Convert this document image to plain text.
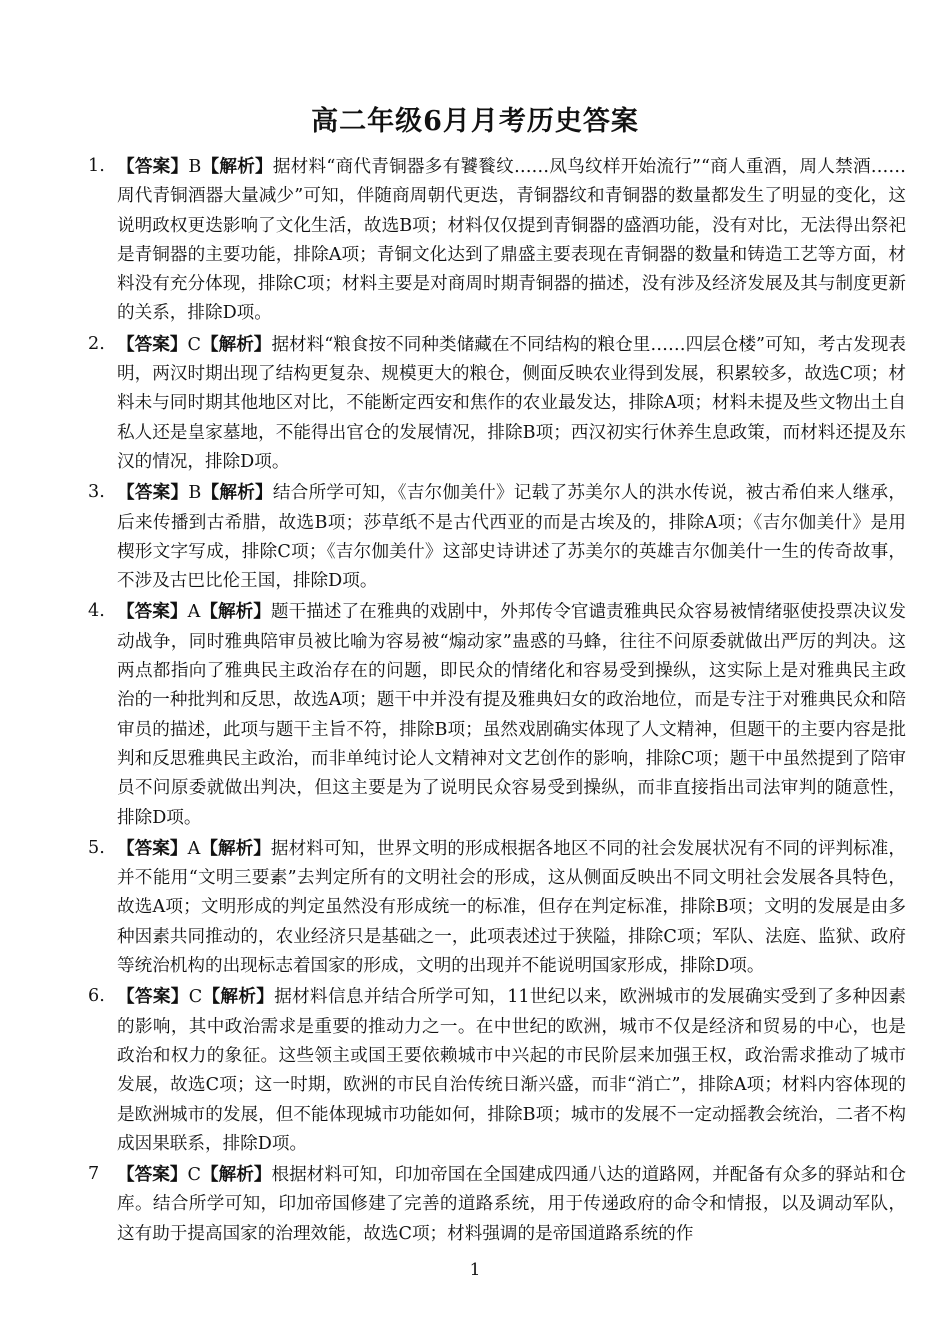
高二年级6月月考历史答案
1. 【答案】B【解析】据材料“商代青铜器多有饕餮纹……凤鸟纹样开始流行”“商人重酒，周人禁酒……周代青铜酒器大量减少”可知，伴随商周朝代更迭，青铜器纹和青铜器的数量都发生了明显的变化，这说明政权更迭影响了文化生活，故选B项；材料仅仅提到青铜器的盛酒功能，没有对比，无法得出祭祀是青铜器的主要功能，排除A项；青铜文化达到了鼎盛主要表现在青铜器的数量和铸造工艺等方面，材料没有充分体现，排除C项；材料主要是对商周时期青铜器的描述，没有涉及经济发展及其与制度更新的关系，排除D项。
2. 【答案】C【解析】据材料“粮食按不同种类储藏在不同结构的粮仓里……四层仓楼”可知，考古发现表明，两汉时期出现了结构更复杂、规模更大的粮仓，侧面反映农业得到发展，积累较多，故选C项；材料未与同时期其他地区对比，不能断定西安和焦作的农业最发达，排除A项；材料未提及些文物出土自私人还是皇家墓地，不能得出官仓的发展情况，排除B项；西汉初实行休养生息政策，而材料还提及东汉的情况，排除D项。
3. 【答案】B【解析】结合所学可知，《吉尔伽美什》记载了苏美尔人的洪水传说，被古希伯来人继承，后来传播到古希腊，故选B项；莎草纸不是古代西亚的而是古埃及的，排除A项；《吉尔伽美什》是用楔形文字写成，排除C项；《吉尔伽美什》这部史诗讲述了苏美尔的英雄吉尔伽美什一生的传奇故事，不涉及古巴比伦王国，排除D项。
4. 【答案】A【解析】题干描述了在雅典的戏剧中，外邦传令官谴责雅典民众容易被情绪驱使投票决议发动战争，同时雅典陪审员被比喻为容易被“煽动家”蛊惑的马蜂，往往不问原委就做出严厉的判决。这两点都指向了雅典民主政治存在的问题，即民众的情绪化和容易受到操纵，这实际上是对雅典民主政治的一种批判和反思，故选A项；题干中并没有提及雅典妇女的政治地位，而是专注于对雅典民众和陪审员的描述，此项与题干主旨不符，排除B项；虽然戏剧确实体现了人文精神，但题干的主要内容是批判和反思雅典民主政治，而非单纯讨论人文精神对文艺创作的影响，排除C项；题干中虽然提到了陪审员不问原委就做出判决，但这主要是为了说明民众容易受到操纵，而非直接指出司法审判的随意性，排除D项。
5. 【答案】A【解析】据材料可知，世界文明的形成根据各地区不同的社会发展状况有不同的评判标准，并不能用“文明三要素”去判定所有的文明社会的形成，这从侧面反映出不同文明社会发展各具特色，故选A项；文明形成的判定虽然没有形成统一的标准，但存在判定标准，排除B项；文明的发展是由多种因素共同推动的，农业经济只是基础之一，此项表述过于狭隘，排除C项；军队、法庭、监狱、政府等统治机构的出现标志着国家的形成，文明的出现并不能说明国家形成，排除D项。
6. 【答案】C【解析】据材料信息并结合所学可知，11世纪以来，欧洲城市的发展确实受到了多种因素的影响，其中政治需求是重要的推动力之一。在中世纪的欧洲，城市不仅是经济和贸易的中心，也是政治和权力的象征。这些领主或国王要依赖城市中兴起的市民阶层来加强王权，政治需求推动了城市发展，故选C项；这一时期，欧洲的市民自治传统日渐兴盛，而非“消亡”，排除A项；材料内容体现的是欧洲城市的发展，但不能体现城市功能如何，排除B项；城市的发展不一定动摇教会统治，二者不构成因果联系，排除D项。
7 【答案】C【解析】根据材料可知，印加帝国在全国建成四通八达的道路网，并配备有众多的驿站和仓库。结合所学可知，印加帝国修建了完善的道路系统，用于传递政府的命令和情报，以及调动军队，这有助于提高国家的治理效能，故选C项；材料强调的是帝国道路系统的作
1
